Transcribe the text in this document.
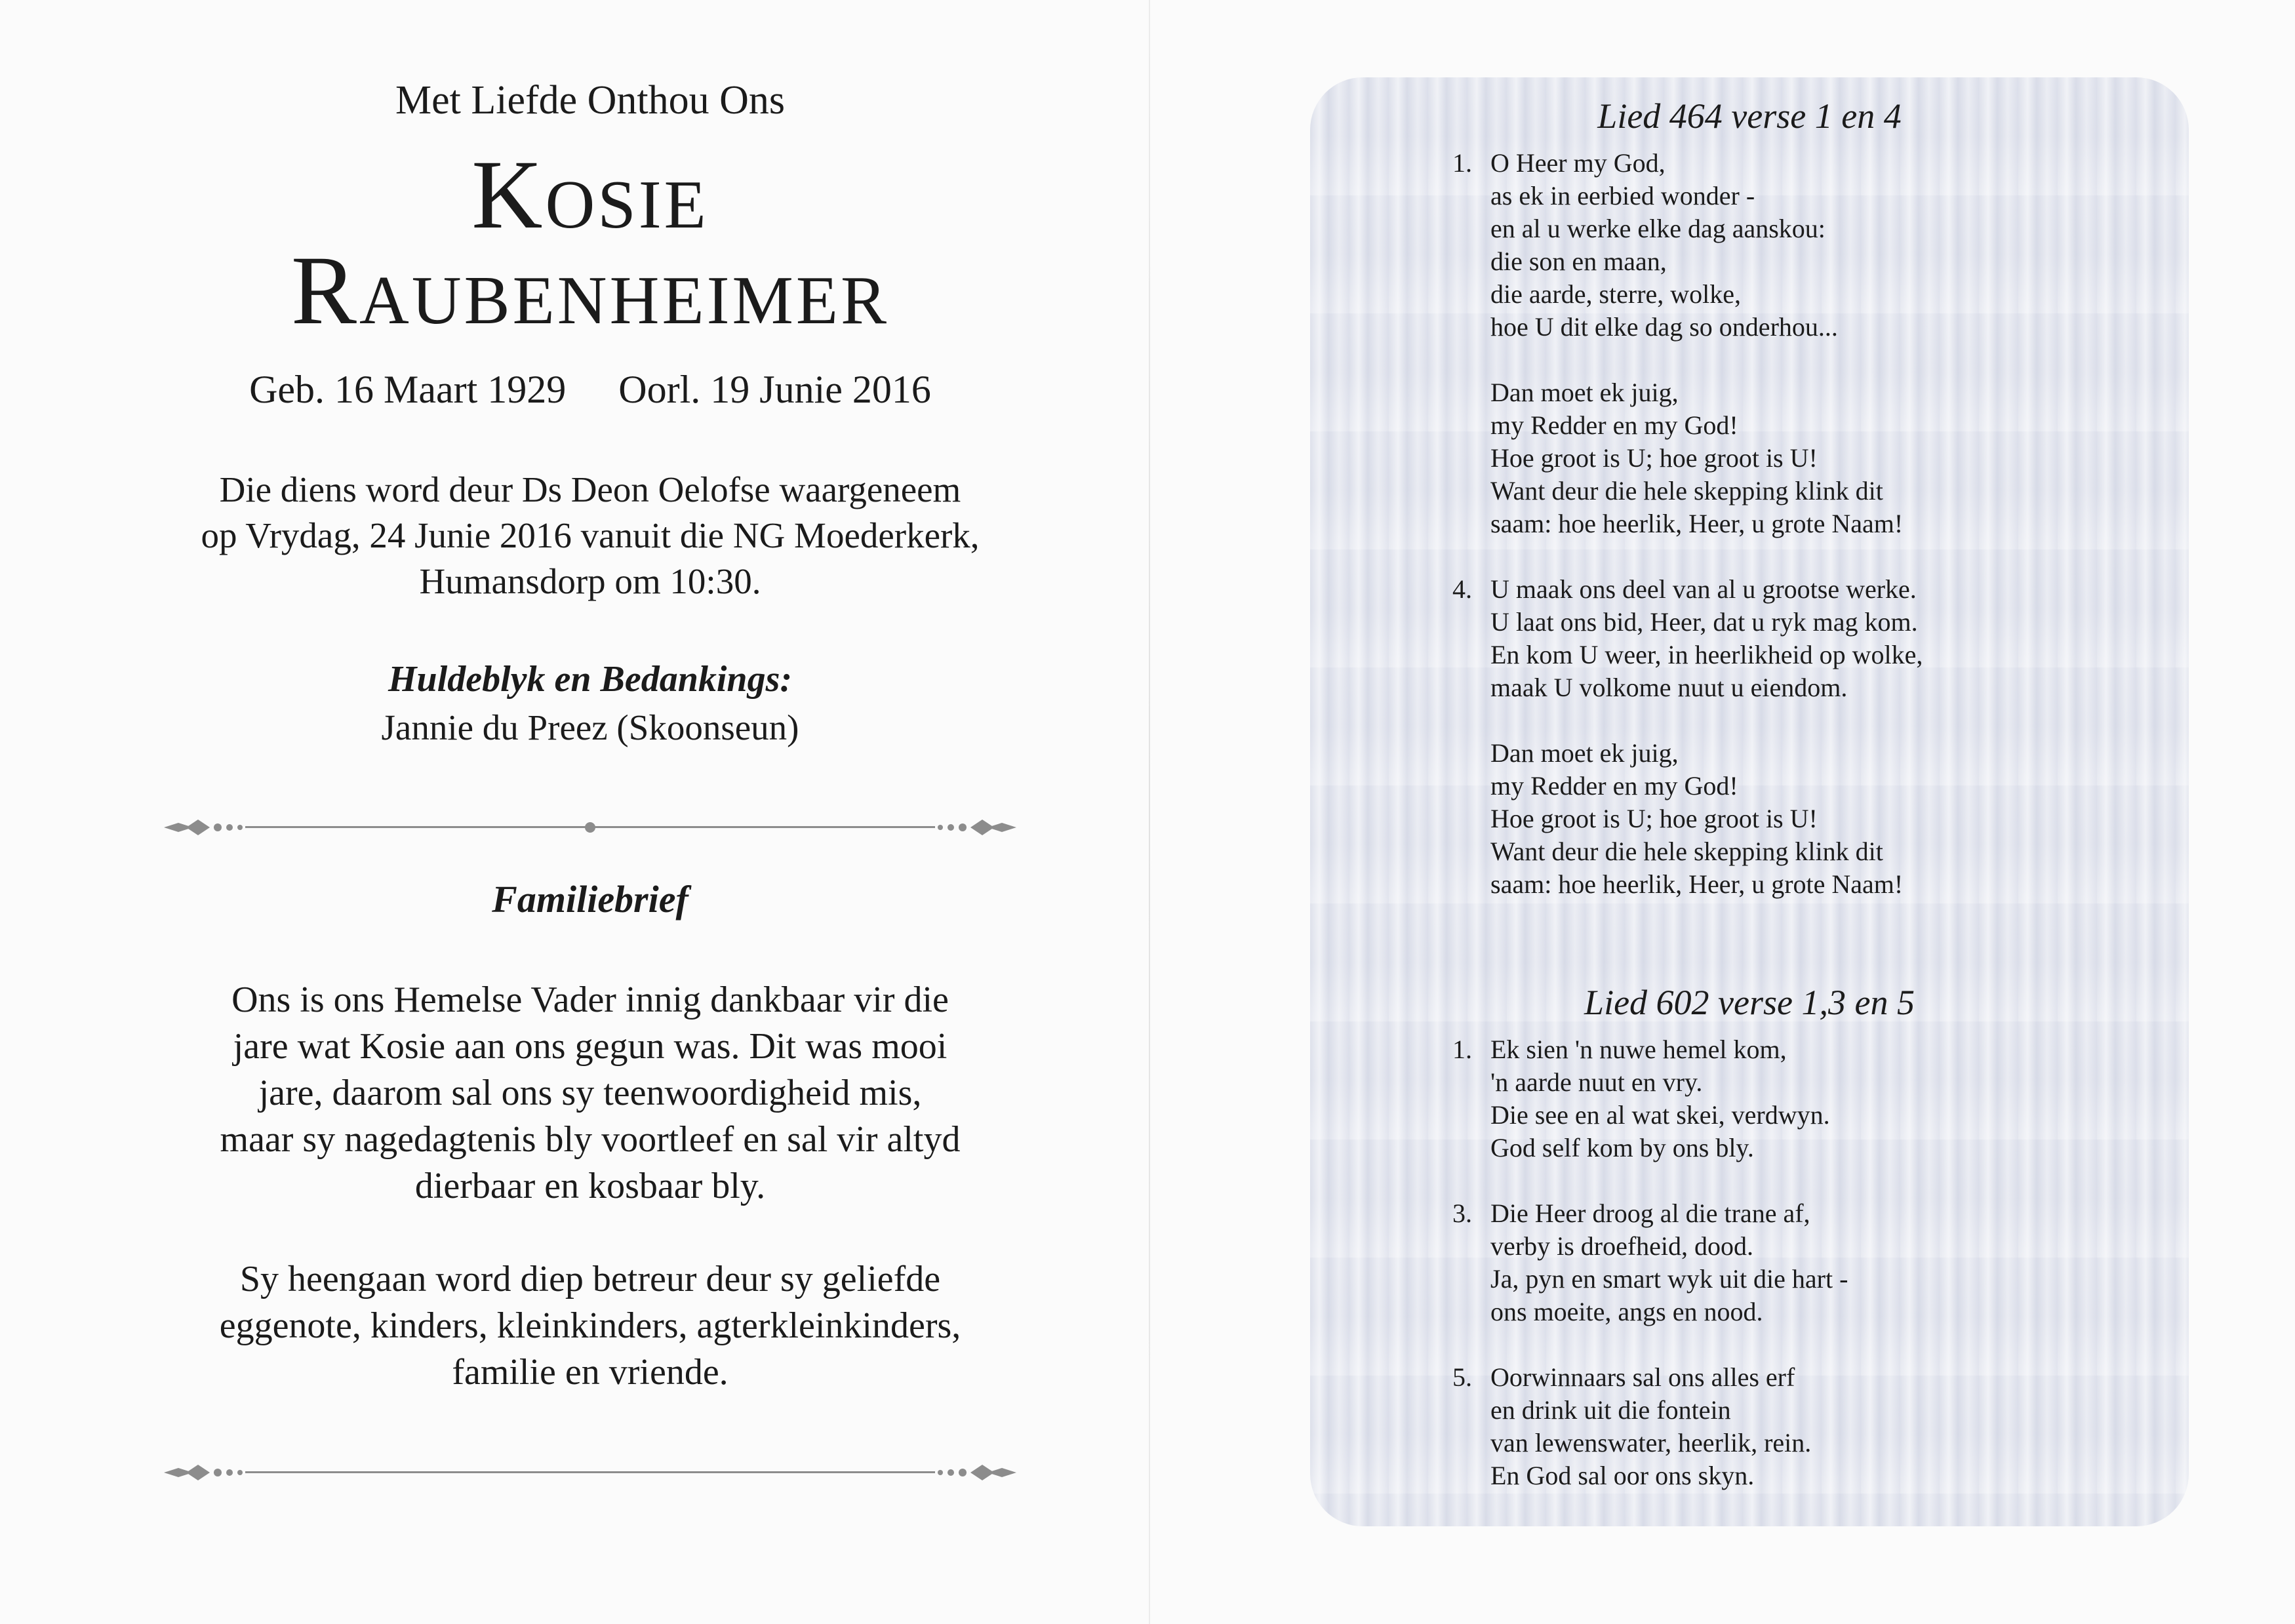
Met Liefde Onthou Ons
Kosie
Raubenheimer
Geb. 16 Maart 1929 Oorl. 19 Junie 2016
Die diens word deur Ds Deon Oelofse waargeneem
op Vrydag, 24 Junie 2016 vanuit die NG Moederkerk,
Humansdorp om 10:30.
Huldeblyk en Bedankings:
Jannie du Preez (Skoonseun)
Familiebrief
Ons is ons Hemelse Vader innig dankbaar vir die
jare wat Kosie aan ons gegun was. Dit was mooi
jare, daarom sal ons sy teenwoordigheid mis,
maar sy nagedagtenis bly voortleef en sal vir altyd
dierbaar en kosbaar bly.
Sy heengaan word diep betreur deur sy geliefde
eggenote, kinders, kleinkinders, agterkleinkinders,
familie en vriende.
Lied 464 verse 1 en 4
1. O Heer my God,
as ek in eerbied wonder -
en al u werke elke dag aanskou:
die son en maan,
die aarde, sterre, wolke,
hoe U dit elke dag so onderhou...
Dan moet ek juig,
my Redder en my God!
Hoe groot is U; hoe groot is U!
Want deur die hele skepping klink dit
saam: hoe heerlik, Heer, u grote Naam!
4. U maak ons deel van al u grootse werke.
U laat ons bid, Heer, dat u ryk mag kom.
En kom U weer, in heerlikheid op wolke,
maak U volkome nuut u eiendom.
Dan moet ek juig,
my Redder en my God!
Hoe groot is U; hoe groot is U!
Want deur die hele skepping klink dit
saam: hoe heerlik, Heer, u grote Naam!
Lied 602 verse 1,3 en 5
1. Ek sien 'n nuwe hemel kom,
'n aarde nuut en vry.
Die see en al wat skei, verdwyn.
God self kom by ons bly.
3. Die Heer droog al die trane af,
verby is droefheid, dood.
Ja, pyn en smart wyk uit die hart -
ons moeite, angs en nood.
5. Oorwinnaars sal ons alles erf
en drink uit die fontein
van lewenswater, heerlik, rein.
En God sal oor ons skyn.
